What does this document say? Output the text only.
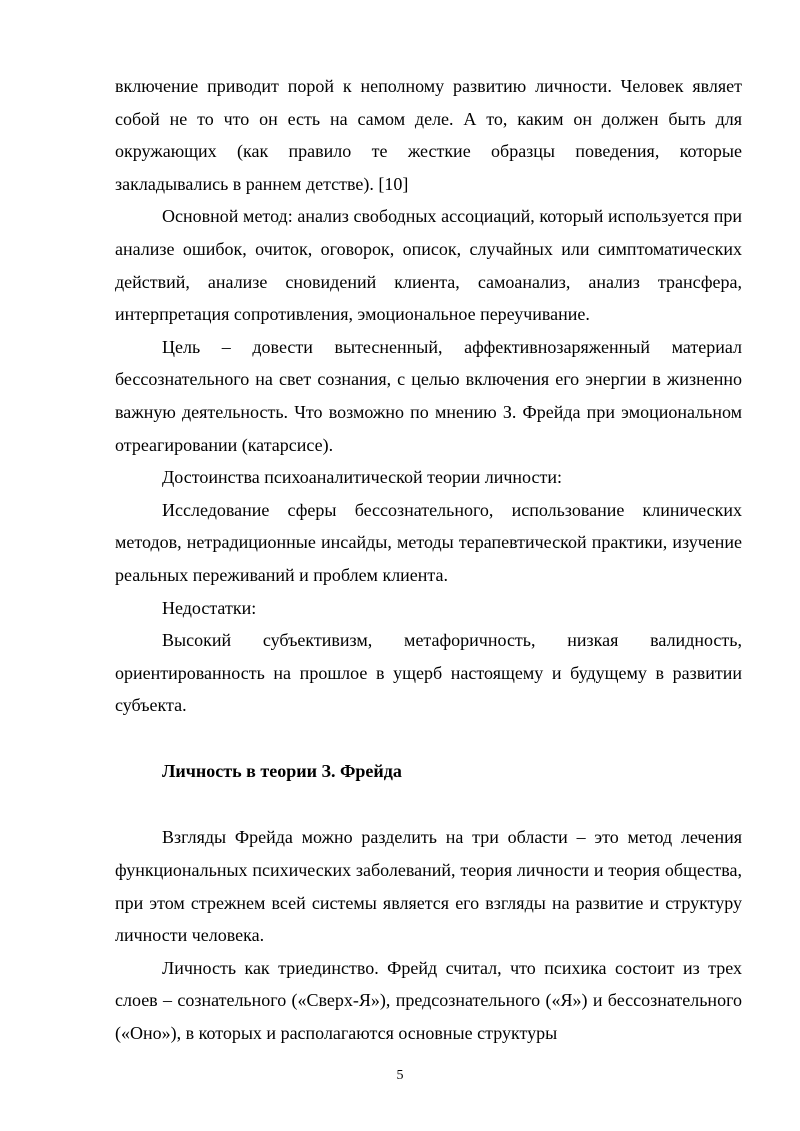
включение приводит порой к неполному развитию личности. Человек являет собой не то что он есть на самом деле. А то, каким он должен быть для окружающих (как правило те жесткие образцы поведения, которые закладывались в раннем детстве). [10]

Основной метод: анализ свободных ассоциаций, который используется при анализе ошибок, очиток, оговорок, описок, случайных или симптоматических действий, анализе сновидений клиента, самоанализ, анализ трансфера, интерпретация сопротивления, эмоциональное переучивание.

Цель – довести вытесненный, аффективнозаряженный материал бессознательного на свет сознания, с целью включения его энергии в жизненно важную деятельность. Что возможно по мнению З. Фрейда при эмоциональном отреагировании (катарсисе).

Достоинства психоаналитической теории личности:

Исследование сферы бессознательного, использование клинических методов, нетрадиционные инсайды, методы терапевтической практики, изучение реальных переживаний и проблем клиента.

Недостатки:

Высокий субъективизм, метафоричность, низкая валидность, ориентированность на прошлое в ущерб настоящему и будущему в развитии субъекта.

Личность в теории З. Фрейда

Взгляды Фрейда можно разделить на три области – это метод лечения функциональных психических заболеваний, теория личности и теория общества, при этом стрежнем всей системы является его взгляды на развитие и структуру личности человека.

Личность как триединство. Фрейд считал, что психика состоит из трех слоев – сознательного («Сверх-Я»), предсознательного («Я») и бессознательного («Оно»), в которых и располагаются основные структуры

5
